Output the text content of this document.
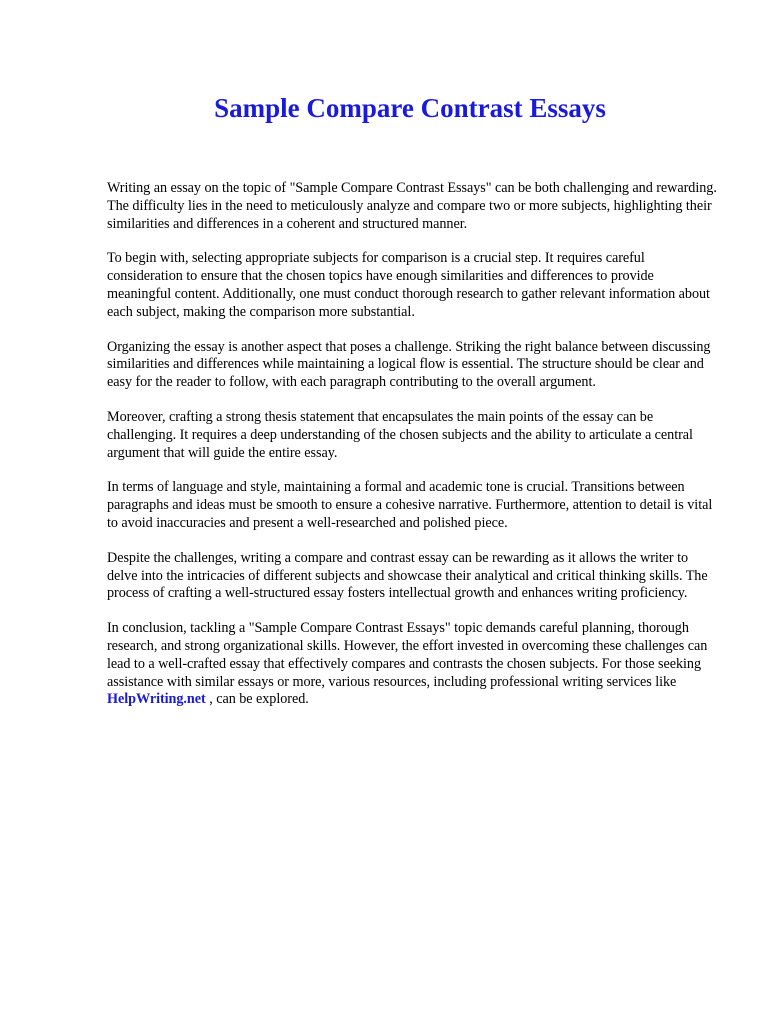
Sample Compare Contrast Essays

Writing an essay on the topic of "Sample Compare Contrast Essays" can be both challenging and rewarding. The difficulty lies in the need to meticulously analyze and compare two or more subjects, highlighting their similarities and differences in a coherent and structured manner.

To begin with, selecting appropriate subjects for comparison is a crucial step. It requires careful consideration to ensure that the chosen topics have enough similarities and differences to provide meaningful content. Additionally, one must conduct thorough research to gather relevant information about each subject, making the comparison more substantial.

Organizing the essay is another aspect that poses a challenge. Striking the right balance between discussing similarities and differences while maintaining a logical flow is essential. The structure should be clear and easy for the reader to follow, with each paragraph contributing to the overall argument.

Moreover, crafting a strong thesis statement that encapsulates the main points of the essay can be challenging. It requires a deep understanding of the chosen subjects and the ability to articulate a central argument that will guide the entire essay.

In terms of language and style, maintaining a formal and academic tone is crucial. Transitions between paragraphs and ideas must be smooth to ensure a cohesive narrative. Furthermore, attention to detail is vital to avoid inaccuracies and present a well-researched and polished piece.

Despite the challenges, writing a compare and contrast essay can be rewarding as it allows the writer to delve into the intricacies of different subjects and showcase their analytical and critical thinking skills. The process of crafting a well-structured essay fosters intellectual growth and enhances writing proficiency.

In conclusion, tackling a "Sample Compare Contrast Essays" topic demands careful planning, thorough research, and strong organizational skills. However, the effort invested in overcoming these challenges can lead to a well-crafted essay that effectively compares and contrasts the chosen subjects. For those seeking assistance with similar essays or more, various resources, including professional writing services like HelpWriting.net , can be explored.
